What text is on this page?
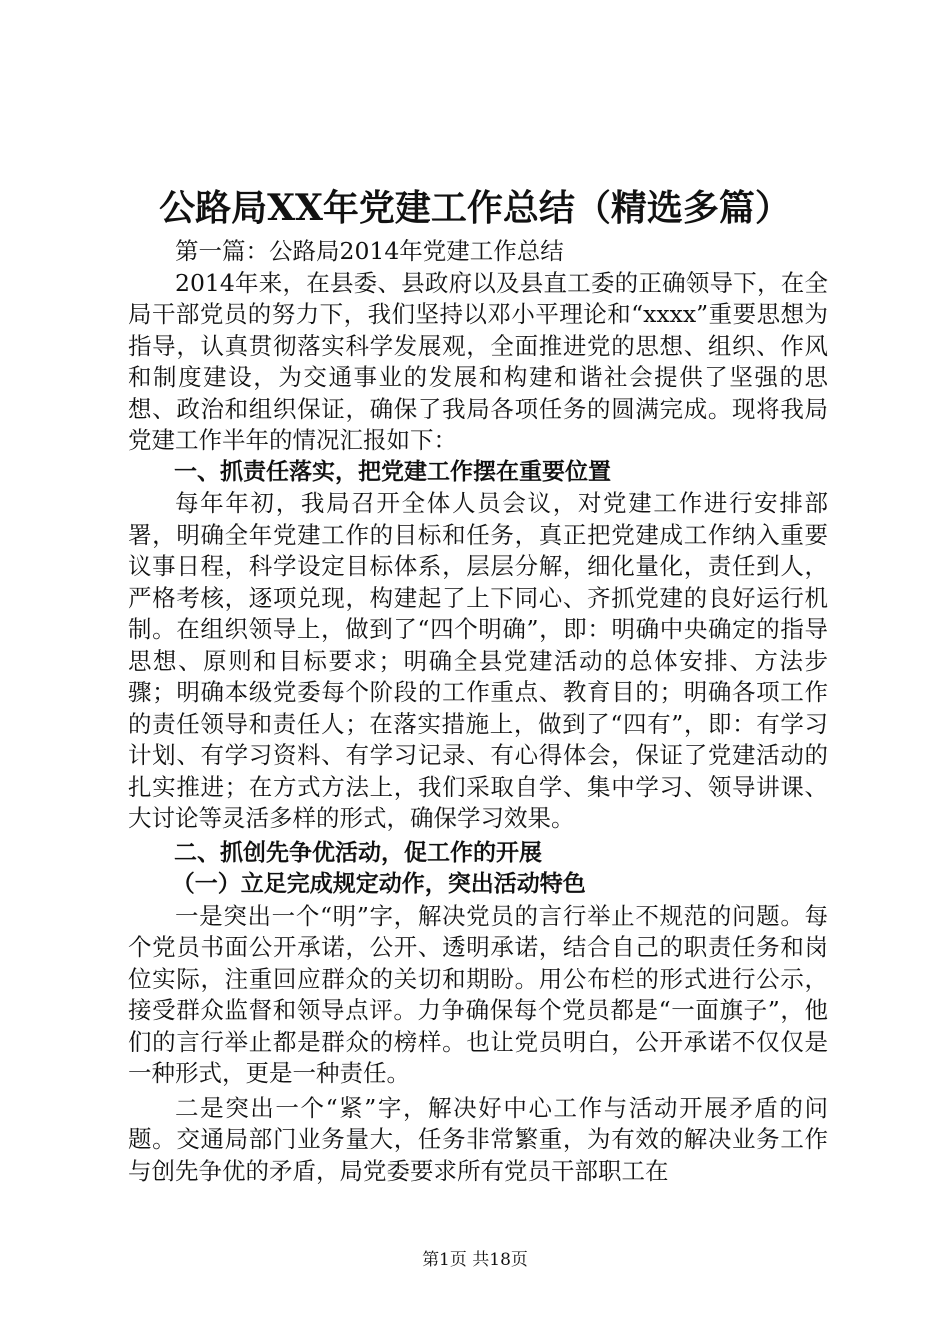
公路局XX年党建工作总结（精选多篇）

第一篇：公路局2014年党建工作总结

2014年来，在县委、县政府以及县直工委的正确领导下，在全局干部党员的努力下，我们坚持以邓小平理论和“xxxx”重要思想为指导，认真贯彻落实科学发展观，全面推进党的思想、组织、作风和制度建设，为交通事业的发展和构建和谐社会提供了坚强的思想、政治和组织保证，确保了我局各项任务的圆满完成。现将我局党建工作半年的情况汇报如下：

一、抓责任落实，把党建工作摆在重要位置

每年年初，我局召开全体人员会议，对党建工作进行安排部署，明确全年党建工作的目标和任务，真正把党建成工作纳入重要议事日程，科学设定目标体系，层层分解，细化量化，责任到人，严格考核，逐项兑现，构建起了上下同心、齐抓党建的良好运行机制。在组织领导上，做到了“四个明确”，即：明确中央确定的指导思想、原则和目标要求；明确全县党建活动的总体安排、方法步骤；明确本级党委每个阶段的工作重点、教育目的；明确各项工作的责任领导和责任人；在落实措施上，做到了“四有”，即：有学习计划、有学习资料、有学习记录、有心得体会，保证了党建活动的扎实推进；在方式方法上，我们采取自学、集中学习、领导讲课、大讨论等灵活多样的形式，确保学习效果。

二、抓创先争优活动，促工作的开展

（一）立足完成规定动作，突出活动特色

一是突出一个“明”字，解决党员的言行举止不规范的问题。每个党员书面公开承诺，公开、透明承诺，结合自己的职责任务和岗位实际，注重回应群众的关切和期盼。用公布栏的形式进行公示，接受群众监督和领导点评。力争确保每个党员都是“一面旗子”，他们的言行举止都是群众的榜样。也让党员明白，公开承诺不仅仅是一种形式，更是一种责任。

二是突出一个“紧”字，解决好中心工作与活动开展矛盾的问题。交通局部门业务量大，任务非常繁重，为有效的解决业务工作与创先争优的矛盾，局党委要求所有党员干部职工在

第1页 共18页
